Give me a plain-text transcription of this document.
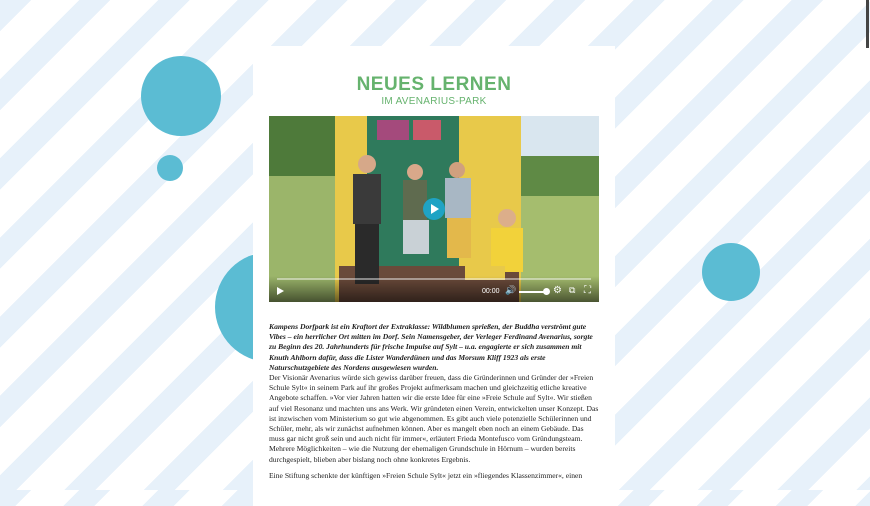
NEUES LERNEN
IM AVENARIUS-PARK
00:00 🔊	⚙ ⧉ ⛶

Kampens Dorfpark ist ein Kraftort der Extraklasse: Wildblumen sprießen, der Buddha verströmt gute Vibes – ein herrlicher Ort mitten im Dorf. Sein Namensgeber, der Verleger Ferdinand Avenarius, sorgte zu Beginn des 20. Jahrhunderts für frische Impulse auf Sylt – u.a. engagierte er sich zusammen mit Knuth Ahlborn dafür, dass die Lister Wanderdünen und das Morsum Kliff 1923 als erste Naturschutzgebiete des Nordens ausgewiesen wurden.

Der Visionär Avenarius würde sich gewiss darüber freuen, dass die Gründerinnen und Gründer der »Freien Schule Sylt« in seinem Park auf ihr großes Projekt aufmerksam machen und gleichzeitig etliche kreative Angebote schaffen. »Vor vier Jahren hatten wir die erste Idee für eine »Freie Schule auf Sylt«. Wir stießen auf viel Resonanz und machten uns ans Werk. Wir gründeten einen Verein, entwickelten unser Konzept. Das ist inzwischen vom Ministerium so gut wie abgenommen. Es gibt auch viele potenzielle Schülerinnen und Schüler, mehr, als wir zunächst aufnehmen können. Aber es mangelt eben noch an einem Gebäude. Das muss gar nicht groß sein und auch nicht für immer«, erläutert Frieda Montefusco vom Gründungsteam. Mehrere Möglichkeiten – wie die Nutzung der ehemaligen Grundschule in Hörnum – wurden bereits durchgespielt, blieben aber bislang noch ohne konkretes Ergebnis.

Eine Stiftung schenkte der künftigen »Freien Schule Sylt« jetzt ein »fliegendes Klassenzimmer«, einen
